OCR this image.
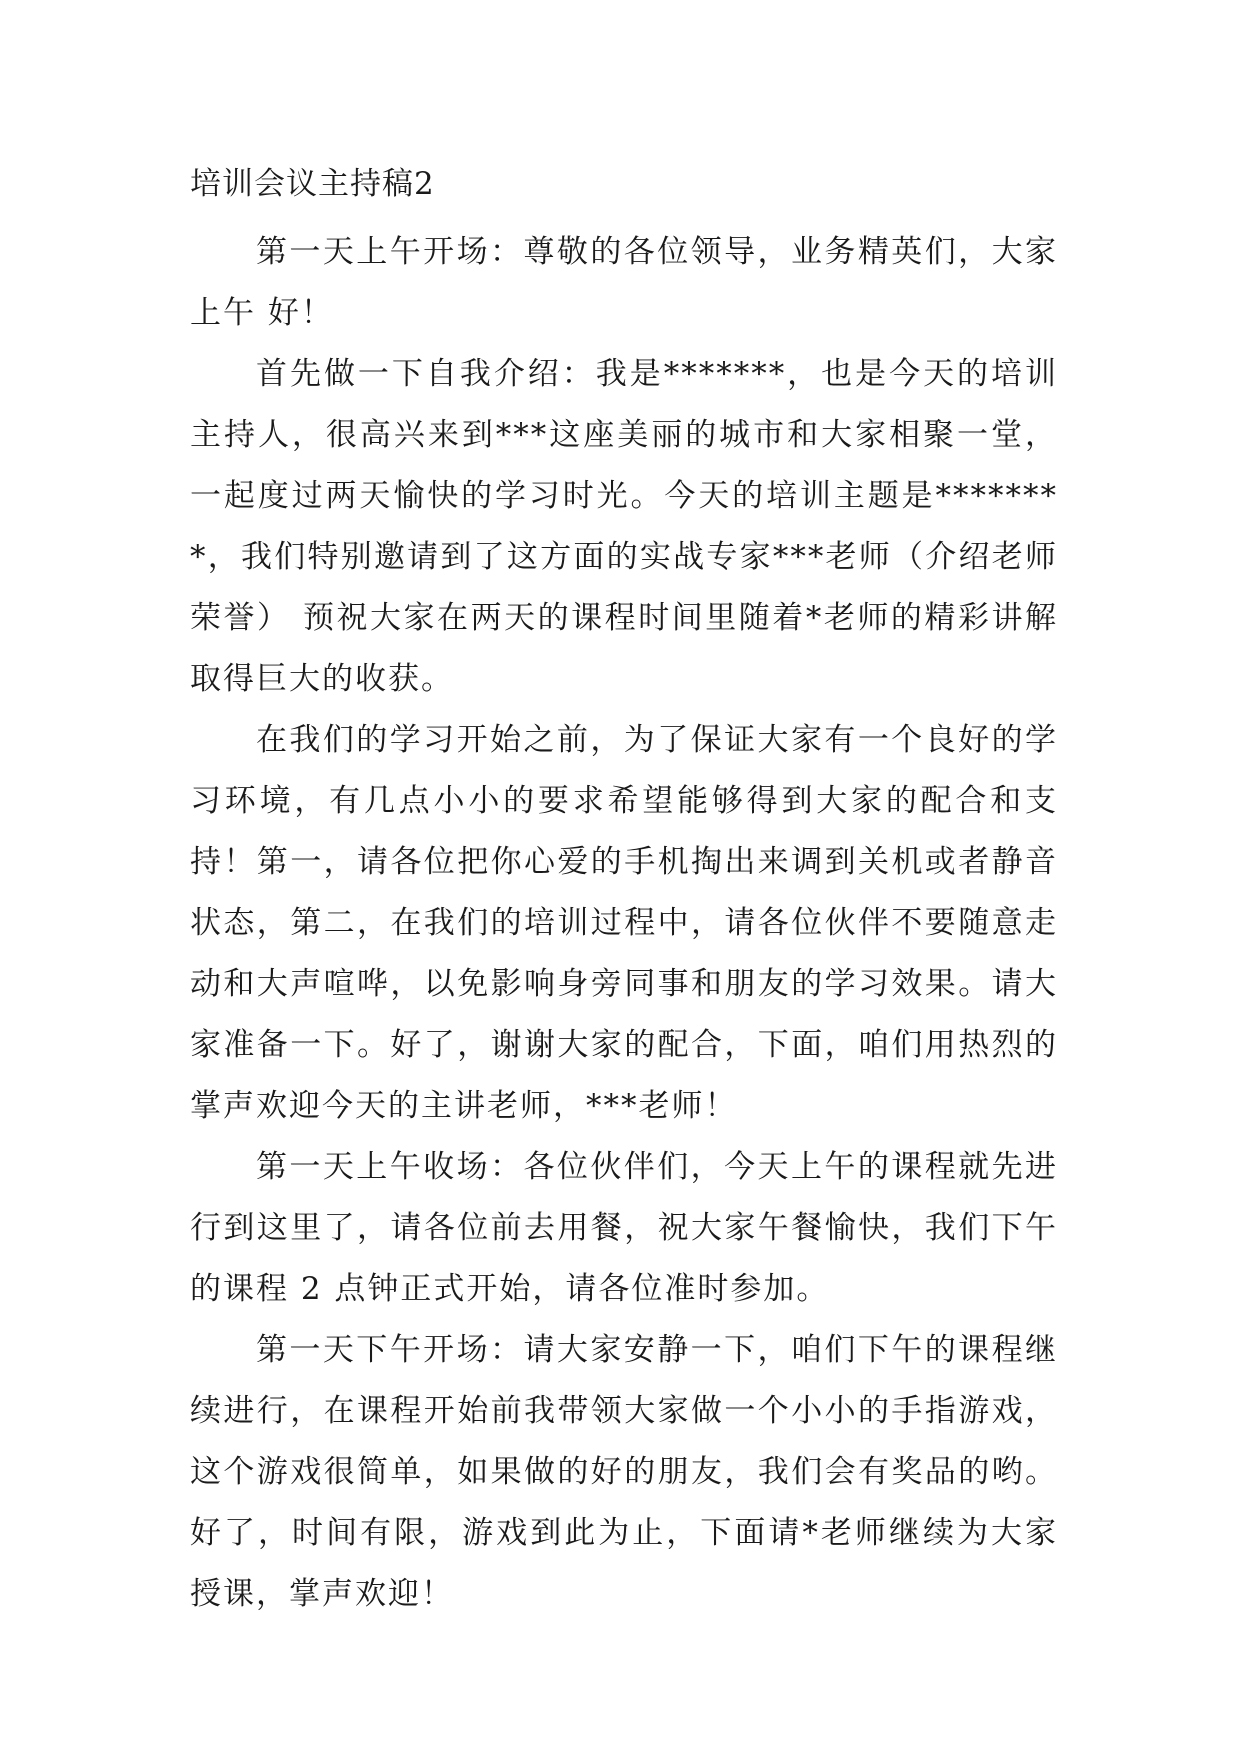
培训会议主持稿2

第一天上午开场：尊敬的各位领导，业务精英们，大家上午 好！

首先做一下自我介绍：我是*******，也是今天的培训主持人，很高兴来到***这座美丽的城市和大家相聚一堂，一起度过两天愉快的学习时光。今天的培训主题是********，我们特别邀请到了这方面的实战专家***老师（介绍老师荣誉） 预祝大家在两天的课程时间里随着*老师的精彩讲解取得巨大的收获。

在我们的学习开始之前，为了保证大家有一个良好的学习环境，有几点小小的要求希望能够得到大家的配合和支持！第一，请各位把你心爱的手机掏出来调到关机或者静音状态，第二，在我们的培训过程中，请各位伙伴不要随意走动和大声喧哗，以免影响身旁同事和朋友的学习效果。请大家准备一下。好了，谢谢大家的配合，下面，咱们用热烈的掌声欢迎今天的主讲老师，***老师！

第一天上午收场：各位伙伴们，今天上午的课程就先进行到这里了，请各位前去用餐，祝大家午餐愉快，我们下午的课程 2 点钟正式开始，请各位准时参加。

第一天下午开场：请大家安静一下，咱们下午的课程继续进行，在课程开始前我带领大家做一个小小的手指游戏，这个游戏很简单，如果做的好的朋友，我们会有奖品的哟。好了，时间有限，游戏到此为止，下面请*老师继续为大家授课，掌声欢迎！
